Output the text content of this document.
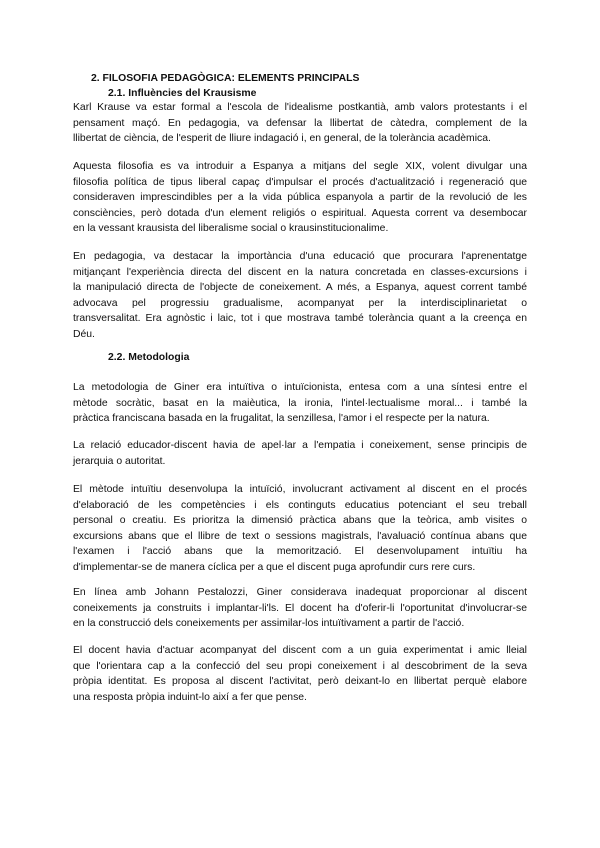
2. FILOSOFIA PEDAGÒGICA: ELEMENTS PRINCIPALS
2.1. Influències del Krausisme
Karl Krause va estar formal a l'escola de l'idealisme postkantià, amb valors protestants i el
pensament maçó. En pedagogia, va defensar la llibertat de càtedra, complement de la
llibertat de ciència, de l'esperit de lliure indagació i, en general, de la tolerància acadèmica.
Aquesta filosofia es va introduir a Espanya a mitjans del segle XIX, volent divulgar una
filosofia política de tipus liberal capaç d'impulsar el procés d'actualització i regeneració que
consideraven imprescindibles per a la vida pública espanyola a partir de la revolució de les
consciències, però dotada d'un element religiós o espiritual. Aquesta corrent va desembocar
en la vessant krausista del liberalisme social o krausinstitucionalime.
En pedagogia, va destacar la importància d'una educació que procurara l'aprenentatge
mitjançant l'experiència directa del discent en la natura concretada en classes-excursions i
la manipulació directa de l'objecte de coneixement. A més, a Espanya, aquest corrent també
advocava pel progressiu gradualisme, acompanyat per la interdisciplinarietat o
transversalitat. Era agnòstic i laic, tot i que mostrava també tolerància quant a la creença en
Déu.
2.2. Metodologia
La metodologia de Giner era intuïtiva o intuïcionista, entesa com a una síntesi entre el
mètode socràtic, basat en la maièutica, la ironia, l'intel·lectualisme moral... i també la
pràctica franciscana basada en la frugalitat, la senzillesa, l'amor i el respecte per la natura.
La relació educador-discent havia de apel·lar a l'empatia i coneixement, sense principis de
jerarquia o autoritat.
El mètode intuïtiu desenvolupa la intuïció, involucrant activament al discent en el procés
d'elaboració de les competències i els continguts educatius potenciant el seu treball
personal o creatiu. Es prioritza la dimensió pràctica abans que la teòrica, amb visites o
excursions abans que el llibre de text o sessions magistrals, l'avaluació contínua abans que
l'examen i l'acció abans que la memorització. El desenvolupament intuïtiu ha
d'implementar-se de manera cíclica per a que el discent puga aprofundir curs rere curs.
En línea amb Johann Pestalozzi, Giner considerava inadequat proporcionar al discent
coneixements ja construits i implantar-li'ls. El docent ha d'oferir-li l'oportunitat d'involucrar-se
en la construcció dels coneixements per assimilar-los intuïtivament a partir de l'acció.
El docent havia d'actuar acompanyat del discent com a un guia experimentat i amic lleial
que l'orientara cap a la confecció del seu propi coneixement i al descobriment de la seva
pròpia identitat. Es proposa al discent l'activitat, però deixant-lo en llibertat perquè elabore
una resposta pròpia induint-lo així a fer que pense.
